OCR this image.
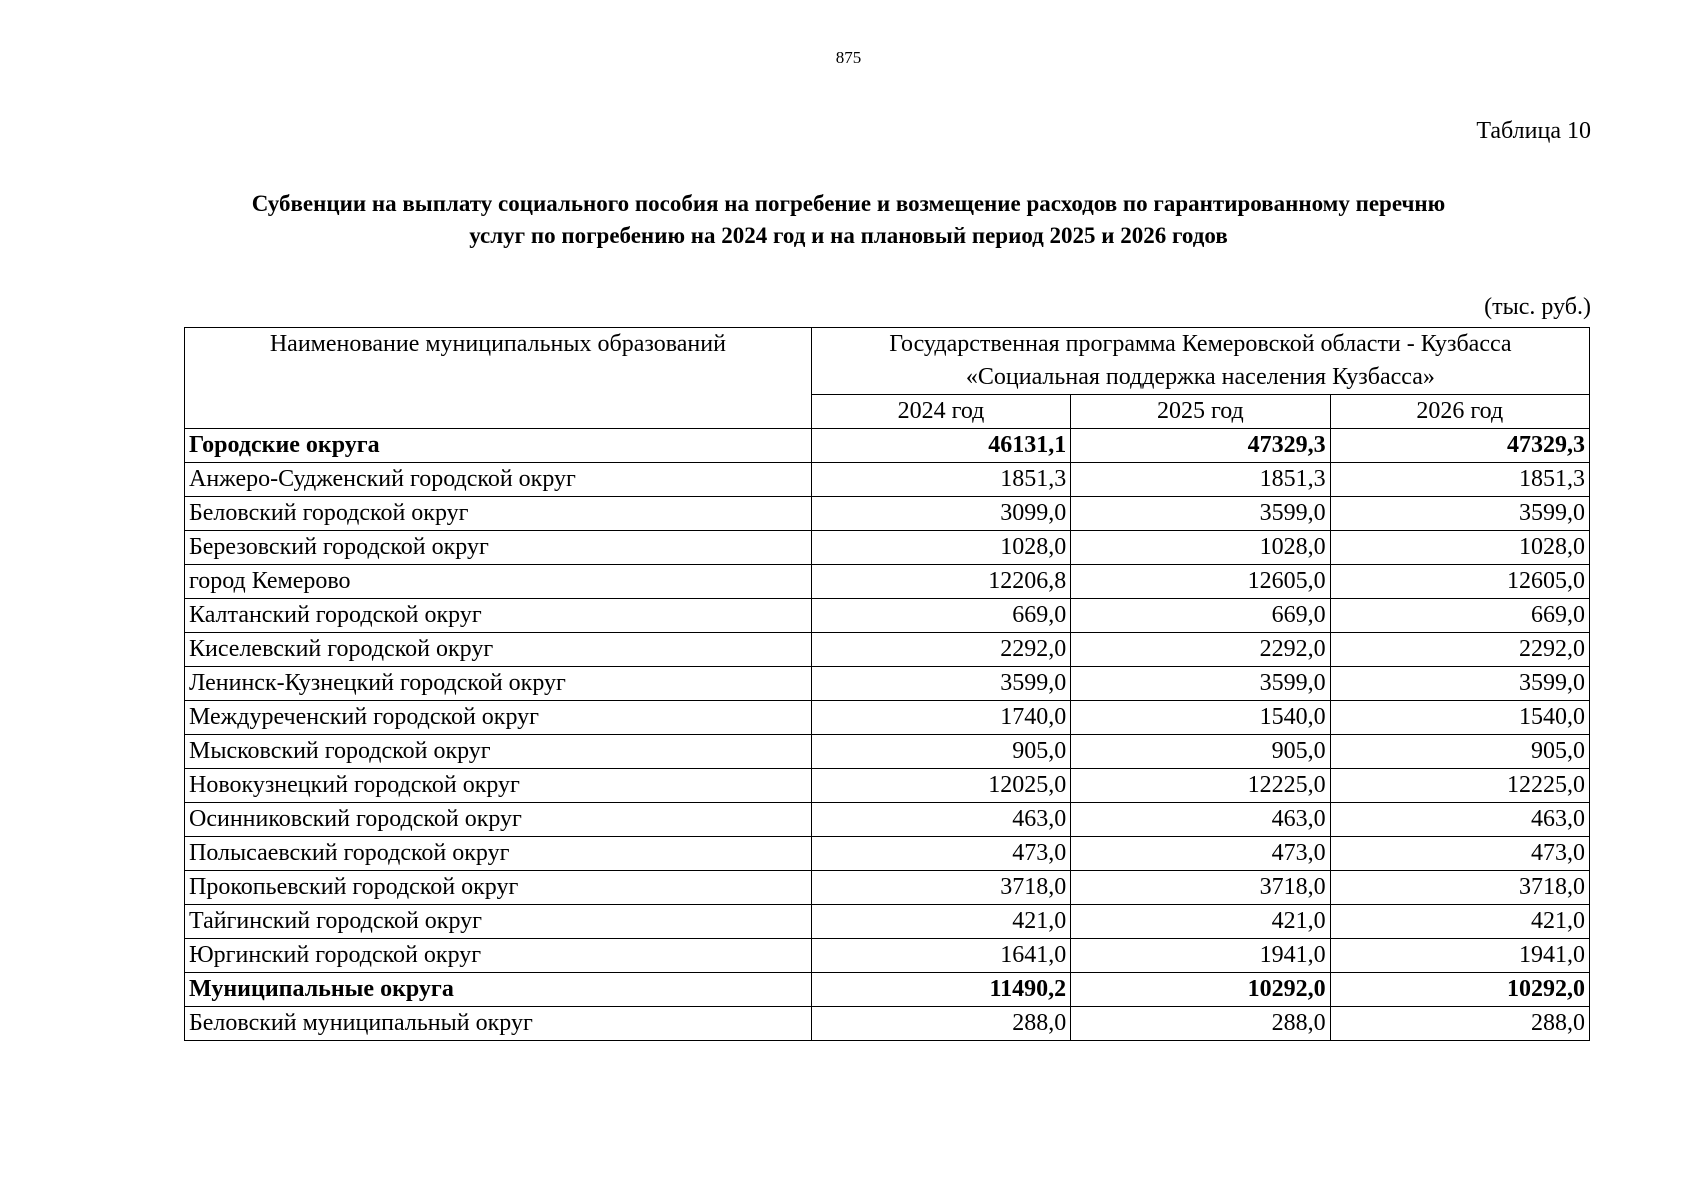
875
Таблица 10
Субвенции на выплату социального пособия на погребение и возмещение расходов по гарантированному перечню
услуг по погребению на 2024 год и на плановый период 2025 и 2026 годов
(тыс. руб.)
Наименование муниципальных образований	Государственная программа Кемеровской области - Кузбасса
«Социальная поддержка населения Кузбасса»		

	2024 год	2025 год	2026 год
Городские округа	46131,1	47329,3	47329,3
Анжеро-Судженский городской округ	1851,3	1851,3	1851,3
Беловский городской округ	3099,0	3599,0	3599,0
Березовский городской округ	1028,0	1028,0	1028,0
город Кемерово	12206,8	12605,0	12605,0
Калтанский городской округ	669,0	669,0	669,0
Киселевский городской округ	2292,0	2292,0	2292,0
Ленинск-Кузнецкий городской округ	3599,0	3599,0	3599,0
Междуреченский городской округ	1740,0	1540,0	1540,0
Мысковский городской округ	905,0	905,0	905,0
Новокузнецкий городской округ	12025,0	12225,0	12225,0
Осинниковский городской округ	463,0	463,0	463,0
Полысаевский городской округ	473,0	473,0	473,0
Прокопьевский городской округ	3718,0	3718,0	3718,0
Тайгинский городской округ	421,0	421,0	421,0
Юргинский городской округ	1641,0	1941,0	1941,0
Муниципальные округа	11490,2	10292,0	10292,0
Беловский муниципальный округ	288,0	288,0	288,0
